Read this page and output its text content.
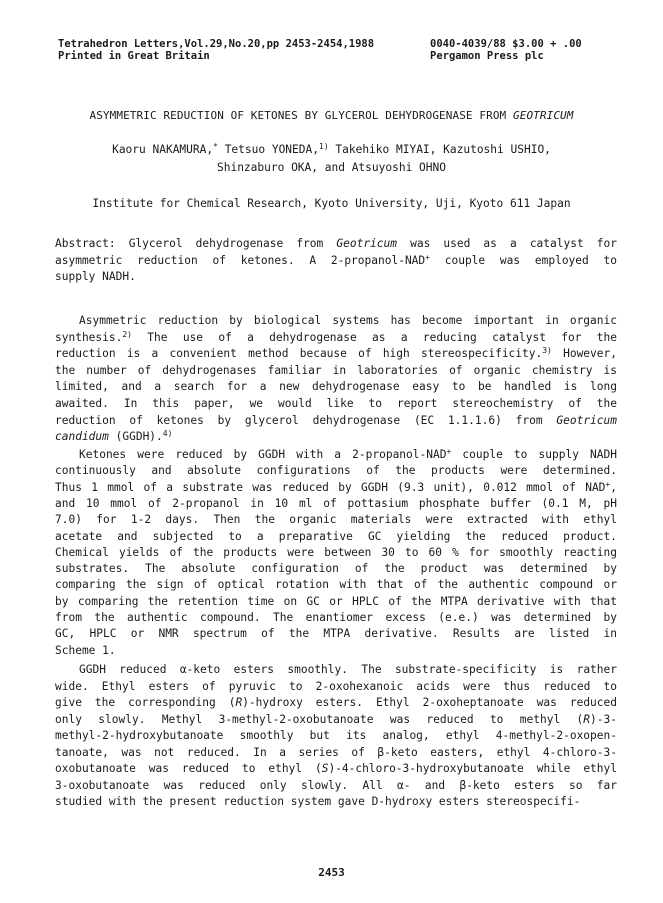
Tetrahedron Letters,Vol.29,No.20,pp 2453-2454,1988
Printed in Great Britain
0040-4039/88 $3.00 + .00
Pergamon Press plc
ASYMMETRIC REDUCTION OF KETONES BY GLYCEROL DEHYDROGENASE FROM GEOTRICUM
Kaoru NAKAMURA,* Tetsuo YONEDA,$^{1)}$ Takehiko MIYAI, Kazutoshi USHIO,
Shinzaburo OKA, and Atsuyoshi OHNO
Institute for Chemical Research, Kyoto University, Uji, Kyoto 611 Japan
Abstract: Glycerol dehydrogenase from Geotricum was used as a catalyst for
asymmetric reduction of ketones. A 2-propanol-NAD+ couple was employed to
supply NADH.
Asymmetric reduction by biological systems has become important in organic
synthesis.$^{2)}$ The use of a dehydrogenase as a reducing catalyst for the
reduction is a convenient method because of high stereospecificity.$^{3)}$ However,
the number of dehydrogenases familiar in laboratories of organic chemistry is
limited, and a search for a new dehydrogenase easy to be handled is long
awaited. In this paper, we would like to report stereochemistry of the
reduction of ketones by glycerol dehydrogenase (EC 1.1.1.6) from Geotricum
candidum (GGDH).$^{4)}$
Ketones were reduced by GGDH with a 2-propanol-NAD+ couple to supply NADH
continuously and absolute configurations of the products were determined.
Thus 1 mmol of a substrate was reduced by GGDH (9.3 unit), 0.012 mmol of NAD+,
and 10 mmol of 2-propanol in 10 ml of pottasium phosphate buffer (0.1 M, pH
7.0) for 1-2 days. Then the organic materials were extracted with ethyl
acetate and subjected to a preparative GC yielding the reduced product.
Chemical yields of the products were between 30 to 60 % for smoothly reacting
substrates. The absolute configuration of the product was determined by
comparing the sign of optical rotation with that of the authentic compound or
by comparing the retention time on GC or HPLC of the MTPA derivative with that
from the authentic compound. The enantiomer excess (e.e.) was determined by
GC, HPLC or NMR spectrum of the MTPA derivative. Results are listed in
Scheme 1.
GGDH reduced α-keto esters smoothly. The substrate-specificity is rather
wide. Ethyl esters of pyruvic to 2-oxohexanoic acids were thus reduced to
give the corresponding (R)-hydroxy esters. Ethyl 2-oxoheptanoate was reduced
only slowly. Methyl 3-methyl-2-oxobutanoate was reduced to methyl (R)-3-
methyl-2-hydroxybutanoate smoothly but its analog, ethyl 4-methyl-2-oxopen-
tanoate, was not reduced. In a series of β-keto easters, ethyl 4-chloro-3-
oxobutanoate was reduced to ethyl (S)-4-chloro-3-hydroxybutanoate while ethyl
3-oxobutanoate was reduced only slowly. All α- and β-keto esters so far
studied with the present reduction system gave D-hydroxy esters stereospecifi-
2453
